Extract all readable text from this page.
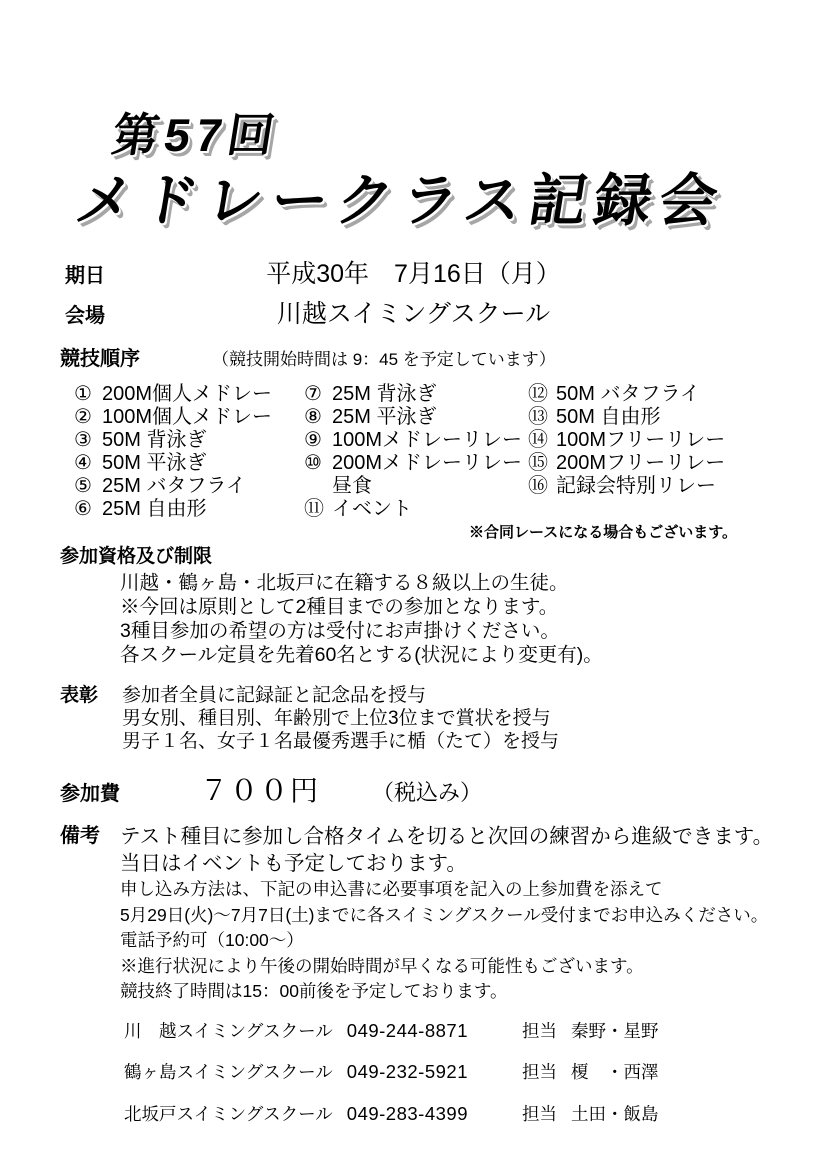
第57回
メドレークラス記録会
期日	平成30年　7月16日（月）
会場	川越スイミングスクール
競技順序	（競技開始時間は 9：45 を予定しています）
① 200M個人メドレー
② 100M個人メドレー
③ 50M 背泳ぎ
④ 50M 平泳ぎ
⑤ 25M バタフライ
⑥ 25M 自由形
⑦ 25M 背泳ぎ
⑧ 25M 平泳ぎ
⑨ 100Mメドレーリレー
⑩ 200Mメドレーリレー
昼食
⑪ イベント
⑫ 50M バタフライ
⑬ 50M 自由形
⑭ 100Mフリーリレー
⑮ 200Mフリーリレー
⑯ 記録会特別リレー
※合同レースになる場合もございます。
参加資格及び制限
川越・鶴ヶ島・北坂戸に在籍する８級以上の生徒。
※今回は原則として2種目までの参加となります。
3種目参加の希望の方は受付にお声掛けください。
各スクール定員を先着60名とする(状況により変更有)。
表彰	参加者全員に記録証と記念品を授与
男女別、種目別、年齢別で上位3位まで賞状を授与
男子１名、女子１名最優秀選手に楯（たて）を授与
参加費	７００円 （税込み）
備考 テスト種目に参加し合格タイムを切ると次回の練習から進級できます。
当日はイベントも予定しております。
申し込み方法は、下記の申込書に必要事項を記入の上参加費を添えて
5月29日(火)～7月7日(土)までに各スイミングスクール受付までお申込みください。
電話予約可（10:00～）
※進行状況により午後の開始時間が早くなる可能性もございます。
競技終了時間は15：00前後を予定しております。
川　越スイミングスクール 049-244-8871	担当 秦野・星野
鶴ヶ島スイミングスクール 049-232-5921	担当 榎　・西澤
北坂戸スイミングスクール 049-283-4399	担当 土田・飯島
